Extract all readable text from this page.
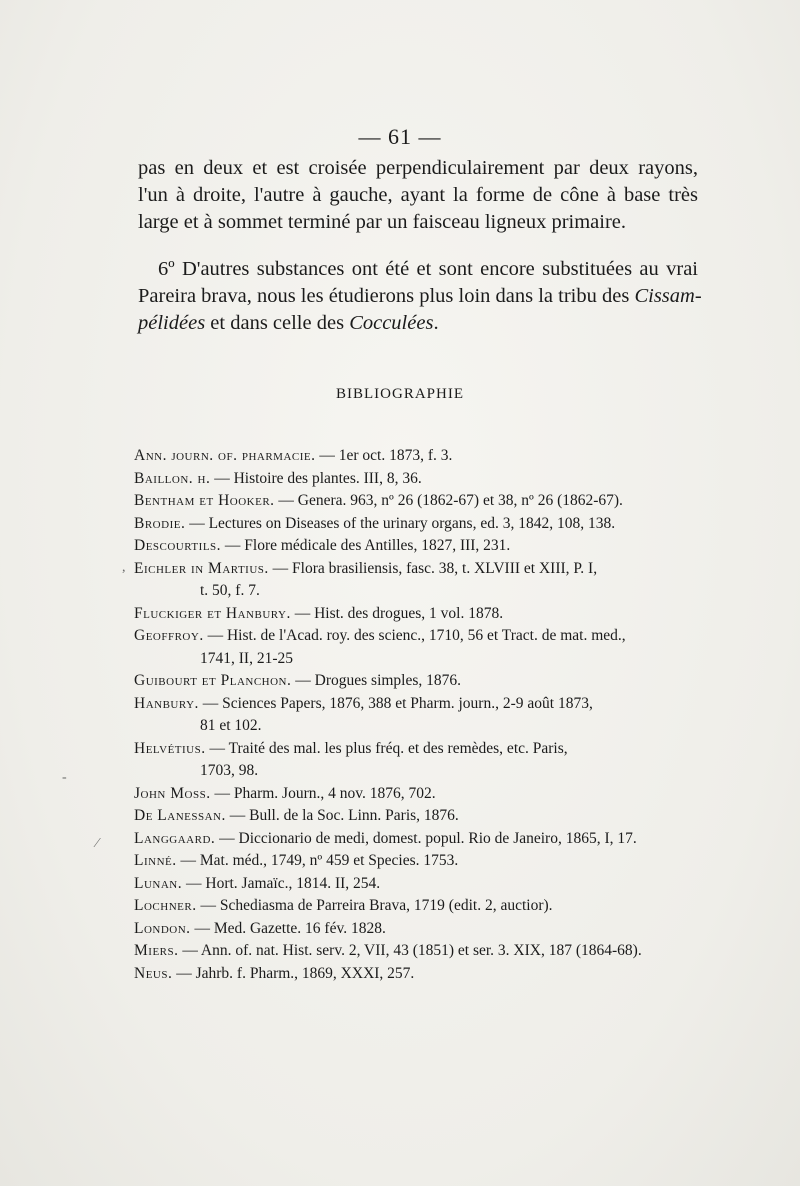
— 61 —
pas en deux et est croisée perpendiculairement par deux rayons,
l'un à droite, l'autre à gauche, ayant la forme de cône à base très
large et à sommet terminé par un faisceau ligneux primaire.
6º D'autres substances ont été et sont encore substituées au vrai
Pareira brava, nous les étudierons plus loin dans la tribu des Cissam-
pélidées et dans celle des Cocculées.
BIBLIOGRAPHIE
Ann. journ. of. pharmacie. — 1er oct. 1873, f. 3.
Baillon. h. — Histoire des plantes. III, 8, 36.
Bentham et Hooker. — Genera. 963, nº 26 (1862-67) et 38, nº 26 (1862-67).
Brodie. — Lectures on Diseases of the urinary organs, ed. 3, 1842, 108, 138.
Descourtils. — Flore médicale des Antilles, 1827, III, 231.
Eichler in Martius. — Flora brasiliensis, fasc. 38, t. XLVIII et XIII, P. I,
t. 50, f. 7.
Fluckiger et Hanbury. — Hist. des drogues, 1 vol. 1878.
Geoffroy. — Hist. de l'Acad. roy. des scienc., 1710, 56 et Tract. de mat. med.,
1741, II, 21-25
Guibourt et Planchon. — Drogues simples, 1876.
Hanbury. — Sciences Papers, 1876, 388 et Pharm. journ., 2-9 août 1873,
81 et 102.
Helvétius. — Traité des mal. les plus fréq. et des remèdes, etc. Paris,
1703, 98.
John Moss. — Pharm. Journ., 4 nov. 1876, 702.
De Lanessan. — Bull. de la Soc. Linn. Paris, 1876.
Langgaard. — Diccionario de medi, domest. popul. Rio de Janeiro, 1865, I, 17.
Linné. — Mat. méd., 1749, nº 459 et Species. 1753.
Lunan. — Hort. Jamaïc., 1814. II, 254.
Lochner. — Schediasma de Parreira Brava, 1719 (edit. 2, auctior).
London. — Med. Gazette. 16 fév. 1828.
Miers. — Ann. of. nat. Hist. serv. 2, VII, 43 (1851) et ser. 3. XIX, 187 (1864-68).
Neus. — Jahrb. f. Pharm., 1869, XXXI, 257.
-
⁄
,
